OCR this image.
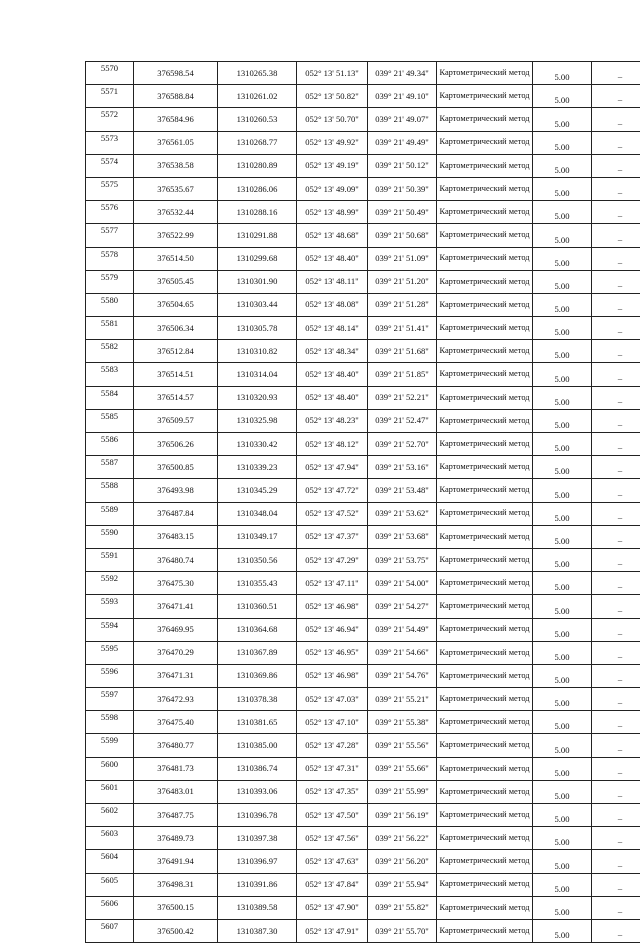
5570	376598.54	1310265.38	052° 13' 51.13"	039° 21' 49.34"	Картометрический метод	5.00	–
5571	376588.84	1310261.02	052° 13' 50.82"	039° 21' 49.10"	Картометрический метод	5.00	–
5572	376584.96	1310260.53	052° 13' 50.70"	039° 21' 49.07"	Картометрический метод	5.00	–
5573	376561.05	1310268.77	052° 13' 49.92"	039° 21' 49.49"	Картометрический метод	5.00	–
5574	376538.58	1310280.89	052° 13' 49.19"	039° 21' 50.12"	Картометрический метод	5.00	–
5575	376535.67	1310286.06	052° 13' 49.09"	039° 21' 50.39"	Картометрический метод	5.00	–
5576	376532.44	1310288.16	052° 13' 48.99"	039° 21' 50.49"	Картометрический метод	5.00	–
5577	376522.99	1310291.88	052° 13' 48.68"	039° 21' 50.68"	Картометрический метод	5.00	–
5578	376514.50	1310299.68	052° 13' 48.40"	039° 21' 51.09"	Картометрический метод	5.00	–
5579	376505.45	1310301.90	052° 13' 48.11"	039° 21' 51.20"	Картометрический метод	5.00	–
5580	376504.65	1310303.44	052° 13' 48.08"	039° 21' 51.28"	Картометрический метод	5.00	–
5581	376506.34	1310305.78	052° 13' 48.14"	039° 21' 51.41"	Картометрический метод	5.00	–
5582	376512.84	1310310.82	052° 13' 48.34"	039° 21' 51.68"	Картометрический метод	5.00	–
5583	376514.51	1310314.04	052° 13' 48.40"	039° 21' 51.85"	Картометрический метод	5.00	–
5584	376514.57	1310320.93	052° 13' 48.40"	039° 21' 52.21"	Картометрический метод	5.00	–
5585	376509.57	1310325.98	052° 13' 48.23"	039° 21' 52.47"	Картометрический метод	5.00	–
5586	376506.26	1310330.42	052° 13' 48.12"	039° 21' 52.70"	Картометрический метод	5.00	–
5587	376500.85	1310339.23	052° 13' 47.94"	039° 21' 53.16"	Картометрический метод	5.00	–
5588	376493.98	1310345.29	052° 13' 47.72"	039° 21' 53.48"	Картометрический метод	5.00	–
5589	376487.84	1310348.04	052° 13' 47.52"	039° 21' 53.62"	Картометрический метод	5.00	–
5590	376483.15	1310349.17	052° 13' 47.37"	039° 21' 53.68"	Картометрический метод	5.00	–
5591	376480.74	1310350.56	052° 13' 47.29"	039° 21' 53.75"	Картометрический метод	5.00	–
5592	376475.30	1310355.43	052° 13' 47.11"	039° 21' 54.00"	Картометрический метод	5.00	–
5593	376471.41	1310360.51	052° 13' 46.98"	039° 21' 54.27"	Картометрический метод	5.00	–
5594	376469.95	1310364.68	052° 13' 46.94"	039° 21' 54.49"	Картометрический метод	5.00	–
5595	376470.29	1310367.89	052° 13' 46.95"	039° 21' 54.66"	Картометрический метод	5.00	–
5596	376471.31	1310369.86	052° 13' 46.98"	039° 21' 54.76"	Картометрический метод	5.00	–
5597	376472.93	1310378.38	052° 13' 47.03"	039° 21' 55.21"	Картометрический метод	5.00	–
5598	376475.40	1310381.65	052° 13' 47.10"	039° 21' 55.38"	Картометрический метод	5.00	–
5599	376480.77	1310385.00	052° 13' 47.28"	039° 21' 55.56"	Картометрический метод	5.00	–
5600	376481.73	1310386.74	052° 13' 47.31"	039° 21' 55.66"	Картометрический метод	5.00	–
5601	376483.01	1310393.06	052° 13' 47.35"	039° 21' 55.99"	Картометрический метод	5.00	–
5602	376487.75	1310396.78	052° 13' 47.50"	039° 21' 56.19"	Картометрический метод	5.00	–
5603	376489.73	1310397.38	052° 13' 47.56"	039° 21' 56.22"	Картометрический метод	5.00	–
5604	376491.94	1310396.97	052° 13' 47.63"	039° 21' 56.20"	Картометрический метод	5.00	–
5605	376498.31	1310391.86	052° 13' 47.84"	039° 21' 55.94"	Картометрический метод	5.00	–
5606	376500.15	1310389.58	052° 13' 47.90"	039° 21' 55.82"	Картометрический метод	5.00	–
5607	376500.42	1310387.30	052° 13' 47.91"	039° 21' 55.70"	Картометрический метод	5.00	–
